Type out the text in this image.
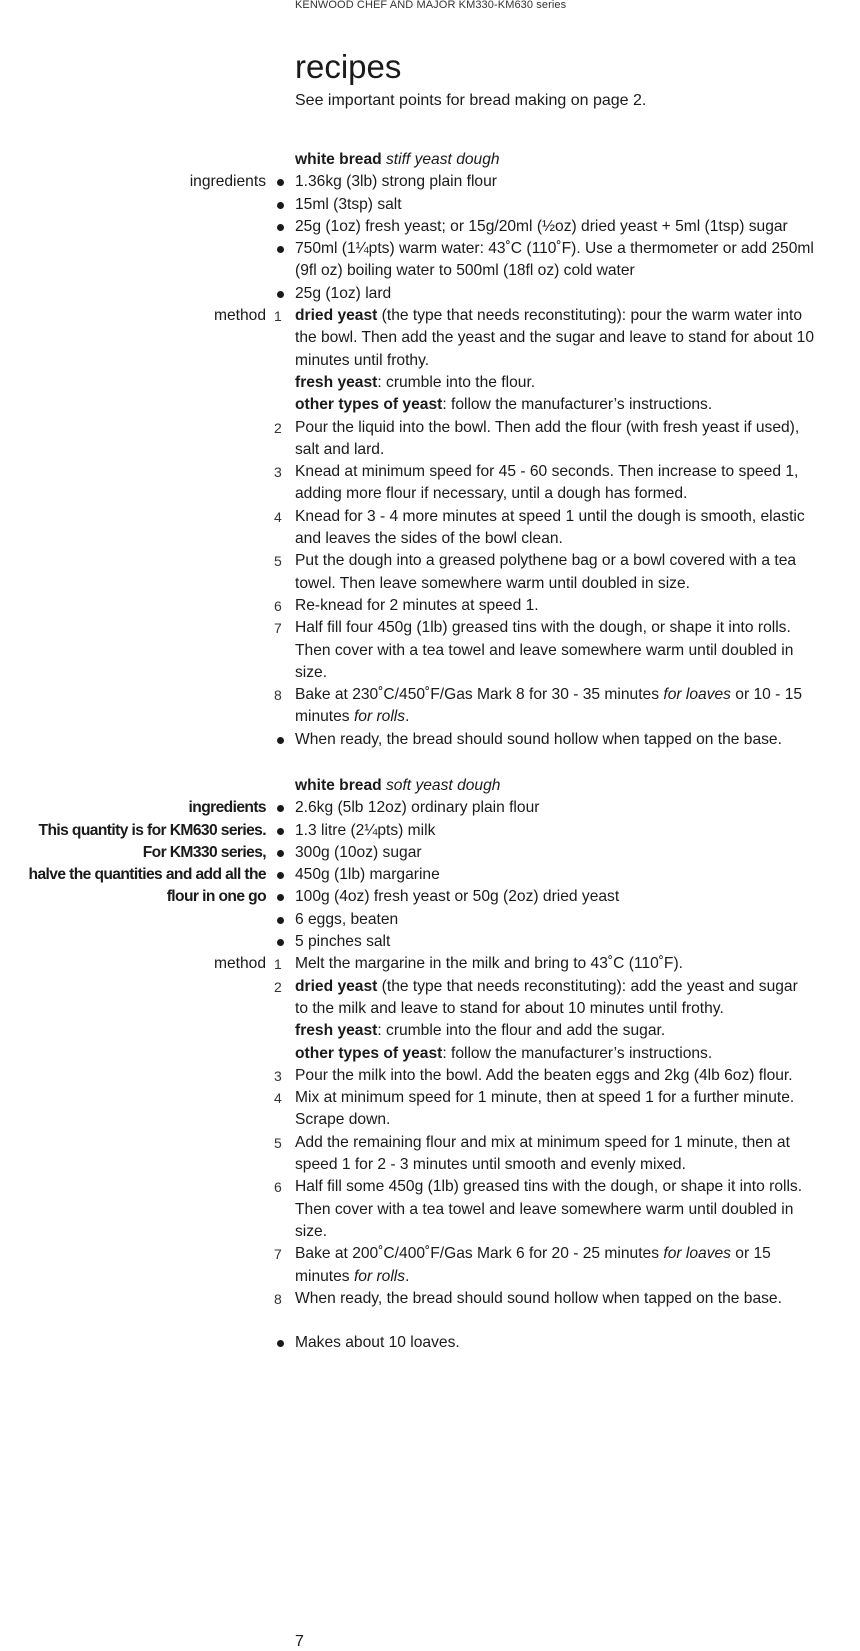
KENWOOD CHEF AND MAJOR KM330-KM630 series
recipes
See important points for bread making on page 2.
white bread stiff yeast dough
ingredients 1.36kg (3lb) strong plain flour
15ml (3tsp) salt
25g (1oz) fresh yeast; or 15g/20ml (½oz) dried yeast + 5ml (1tsp) sugar
750ml (1¼pts) warm water: 43˚C (110˚F). Use a thermometer or add 250ml
(9fl oz) boiling water to 500ml (18fl oz) cold water
25g (1oz) lard
method 1 dried yeast (the type that needs reconstituting): pour the warm water into
the bowl. Then add the yeast and the sugar and leave to stand for about 10
minutes until frothy.
fresh yeast: crumble into the flour.
other types of yeast: follow the manufacturer’s instructions.
2 Pour the liquid into the bowl. Then add the flour (with fresh yeast if used),
salt and lard.
3 Knead at minimum speed for 45 - 60 seconds. Then increase to speed 1,
adding more flour if necessary, until a dough has formed.
4 Knead for 3 - 4 more minutes at speed 1 until the dough is smooth, elastic
and leaves the sides of the bowl clean.
5 Put the dough into a greased polythene bag or a bowl covered with a tea
towel. Then leave somewhere warm until doubled in size.
6 Re-knead for 2 minutes at speed 1.
7 Half fill four 450g (1lb) greased tins with the dough, or shape it into rolls.
Then cover with a tea towel and leave somewhere warm until doubled in
size.
8 Bake at 230˚C/450˚F/Gas Mark 8 for 30 - 35 minutes for loaves or 10 - 15
minutes for rolls.
When ready, the bread should sound hollow when tapped on the base.
white bread soft yeast dough
ingredients 2.6kg (5lb 12oz) ordinary plain flour
This quantity is for KM630 series. 1.3 litre (2¼pts) milk
For KM330 series, 300g (10oz) sugar
halve the quantities and add all the 450g (1lb) margarine
flour in one go 100g (4oz) fresh yeast or 50g (2oz) dried yeast
6 eggs, beaten
5 pinches salt
method 1 Melt the margarine in the milk and bring to 43˚C (110˚F).
2 dried yeast (the type that needs reconstituting): add the yeast and sugar
to the milk and leave to stand for about 10 minutes until frothy.
fresh yeast: crumble into the flour and add the sugar.
other types of yeast: follow the manufacturer’s instructions.
3 Pour the milk into the bowl. Add the beaten eggs and 2kg (4lb 6oz) flour.
4 Mix at minimum speed for 1 minute, then at speed 1 for a further minute.
Scrape down.
5 Add the remaining flour and mix at minimum speed for 1 minute, then at
speed 1 for 2 - 3 minutes until smooth and evenly mixed.
6 Half fill some 450g (1lb) greased tins with the dough, or shape it into rolls.
Then cover with a tea towel and leave somewhere warm until doubled in
size.
7 Bake at 200˚C/400˚F/Gas Mark 6 for 20 - 25 minutes for loaves or 15
minutes for rolls.
8 When ready, the bread should sound hollow when tapped on the base.
Makes about 10 loaves.
7
